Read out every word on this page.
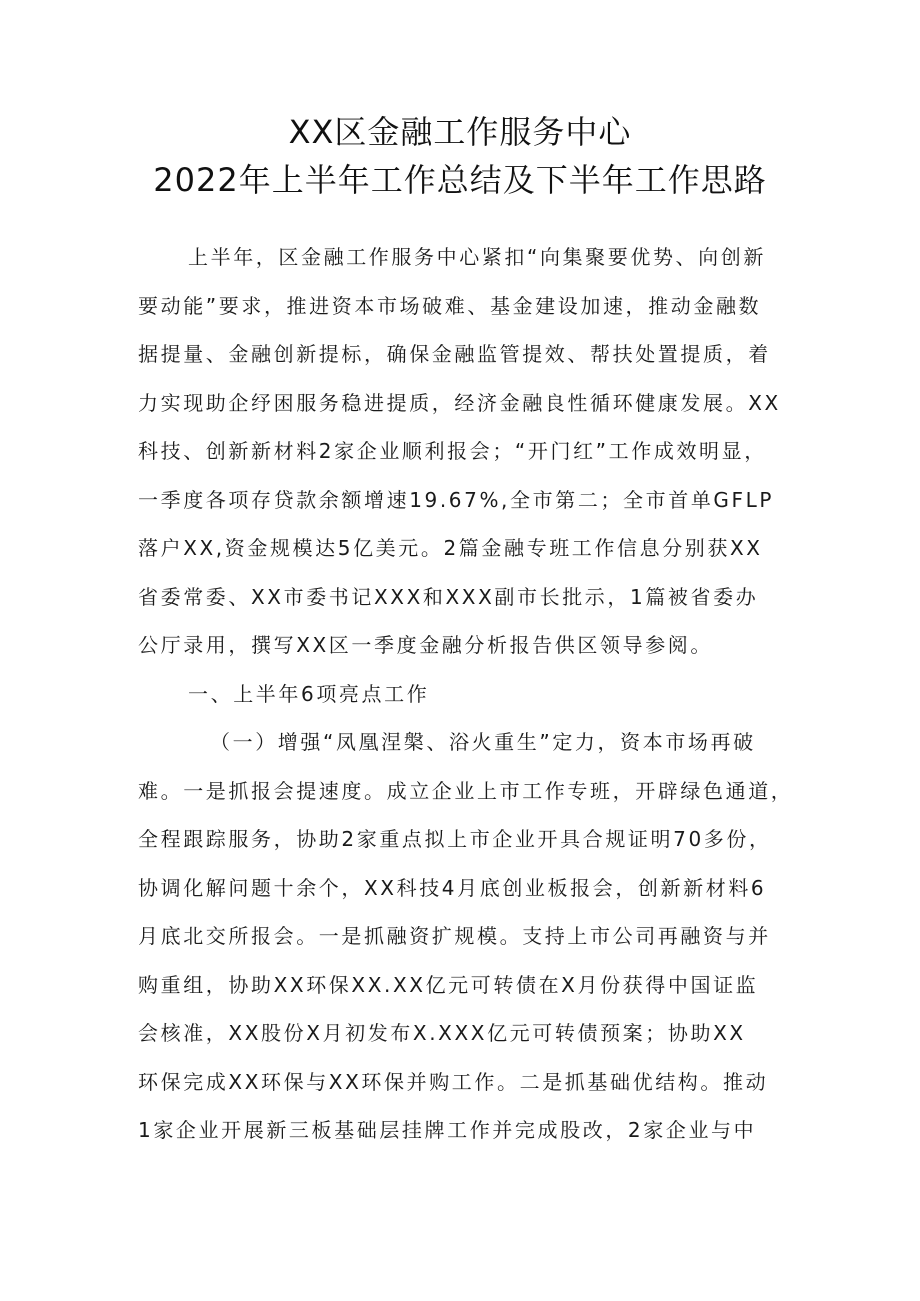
XX区金融工作服务中心
2022年上半年工作总结及下半年工作思路
上半年，区金融工作服务中心紧扣“向集聚要优势、向创新
要动能”要求，推进资本市场破难、基金建设加速，推动金融数
据提量、金融创新提标，确保金融监管提效、帮扶处置提质，着
力实现助企纾困服务稳进提质，经济金融良性循环健康发展。XX
科技、创新新材料2家企业顺利报会；“开门红”工作成效明显，
一季度各项存贷款余额增速19.67%,全市第二；全市首单GFLP
落户XX,资金规模达5亿美元。2篇金融专班工作信息分别获XX
省委常委、XX市委书记XXX和XXX副市长批示，1篇被省委办
公厅录用，撰写XX区一季度金融分析报告供区领导参阅。
一、上半年6项亮点工作
（一）增强“凤凰涅槃、浴火重生”定力，资本市场再破
难。一是抓报会提速度。成立企业上市工作专班，开辟绿色通道，
全程跟踪服务，协助2家重点拟上市企业开具合规证明70多份，
协调化解问题十余个，XX科技4月底创业板报会，创新新材料6
月底北交所报会。一是抓融资扩规模。支持上市公司再融资与并
购重组，协助XX环保XX.XX亿元可转债在X月份获得中国证监
会核准，XX股份X月初发布X.XXX亿元可转债预案；协助XX
环保完成XX环保与XX环保并购工作。二是抓基础优结构。推动
1家企业开展新三板基础层挂牌工作并完成股改，2家企业与中
